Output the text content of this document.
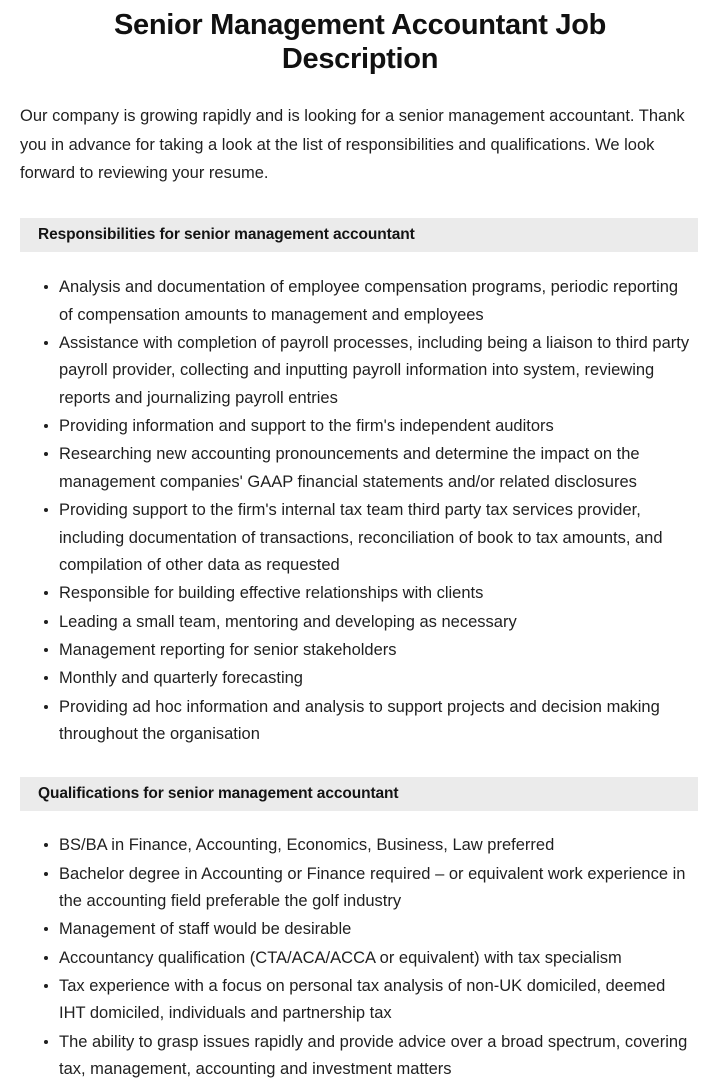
Senior Management Accountant Job Description

Our company is growing rapidly and is looking for a senior management accountant. Thank you in advance for taking a look at the list of responsibilities and qualifications. We look forward to reviewing your resume.

Responsibilities for senior management accountant
Analysis and documentation of employee compensation programs, periodic reporting of compensation amounts to management and employees
Assistance with completion of payroll processes, including being a liaison to third party payroll provider, collecting and inputting payroll information into system, reviewing reports and journalizing payroll entries
Providing information and support to the firm's independent auditors
Researching new accounting pronouncements and determine the impact on the management companies' GAAP financial statements and/or related disclosures
Providing support to the firm's internal tax team third party tax services provider, including documentation of transactions, reconciliation of book to tax amounts, and compilation of other data as requested
Responsible for building effective relationships with clients
Leading a small team, mentoring and developing as necessary
Management reporting for senior stakeholders
Monthly and quarterly forecasting
Providing ad hoc information and analysis to support projects and decision making throughout the organisation
Qualifications for senior management accountant
BS/BA in Finance, Accounting, Economics, Business, Law preferred
Bachelor degree in Accounting or Finance required – or equivalent work experience in the accounting field preferable the golf industry
Management of staff would be desirable
Accountancy qualification (CTA/ACA/ACCA or equivalent) with tax specialism
Tax experience with a focus on personal tax analysis of non-UK domiciled, deemed IHT domiciled, individuals and partnership tax
The ability to grasp issues rapidly and provide advice over a broad spectrum, covering tax, management, accounting and investment matters
